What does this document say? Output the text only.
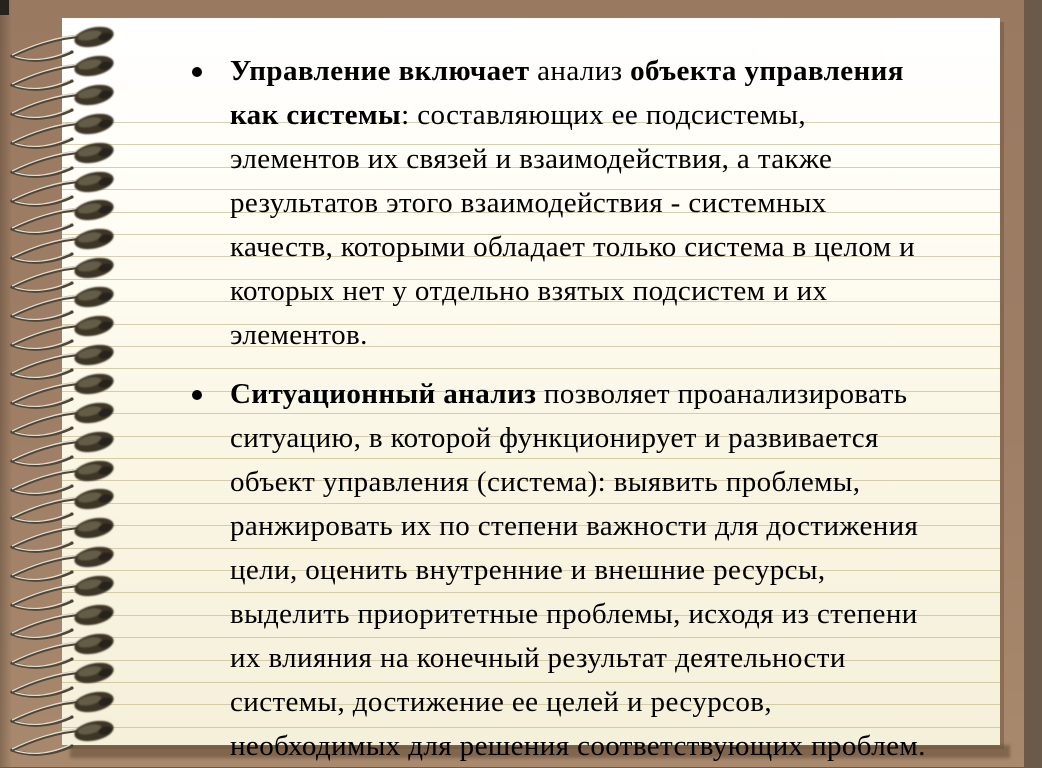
Управление включает анализ объекта управления
как системы: составляющих ее подсистемы,
элементов их связей и взаимодействия, а также
результатов этого взаимодействия - системных
качеств, которыми обладает только система в целом и
которых нет у отдельно взятых подсистем и их
элементов.
Ситуационный анализ позволяет проанализировать
ситуацию, в которой функционирует и развивается
объект управления (система): выявить проблемы,
ранжировать их по степени важности для достижения
цели, оценить внутренние и внешние ресурсы,
выделить приоритетные проблемы, исходя из степени
их влияния на конечный результат деятельности
системы, достижение ее целей и ресурсов,
необходимых для решения соответствующих проблем.
